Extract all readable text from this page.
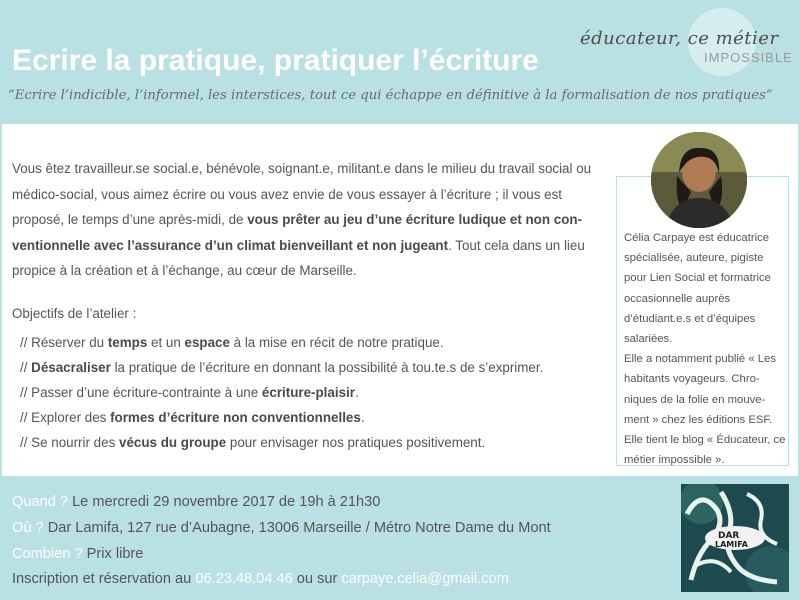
éducateur, ce métier
IMPOSSIBLE
Ecrire la pratique, pratiquer l’écriture
“Ecrire l’indicible, l’informel, les interstices, tout ce qui échappe en définitive à la formalisation de nos pratiques”

Vous êtez travailleur.se social.e, bénévole, soignant.e, militant.e dans le milieu du travail social ou médico-social, vous aimez écrire ou vous avez envie de vous essayer à l’écriture ; il vous est proposé, le temps d’une après-midi, de vous prêter au jeu d’une écriture ludique et non con-ventionnelle avec l’assurance d’un climat bienveillant et non jugeant. Tout cela dans un lieu propice à la création et à l’échange, au cœur de Marseille.

Objectifs de l’atelier :
// Réserver du temps et un espace à la mise en récit de notre pratique.
// Désacraliser la pratique de l’écriture en donnant la possibilité à tou.te.s de s’exprimer.
// Passer d’une écriture-contrainte à une écriture-plaisir.
// Explorer des formes d’écriture non conventionnelles.
// Se nourrir des vécus du groupe pour envisager nos pratiques positivement.
Célia Carpaye est éducatrice spécialisée, auteure, pigiste pour Lien Social et formatrice occasionnelle auprès d’étudiant.e.s et d’équipes salariées.
Elle a notamment publié « Les habitants voyageurs. Chro-niques de la folie en mouve-ment » chez les éditions ESF.
Elle tient le blog « Éducateur, ce métier impossible ».
Quand ? Le mercredi 29 novembre 2017 de 19h à 21h30
Où ? Dar Lamifa, 127 rue d’Aubagne, 13006 Marseille / Métro Notre Dame du Mont
Combien ? Prix libre
Inscription et réservation au 06.23.48.04.46 ou sur carpaye.celia@gmail.com
DAR
LAMIFA
